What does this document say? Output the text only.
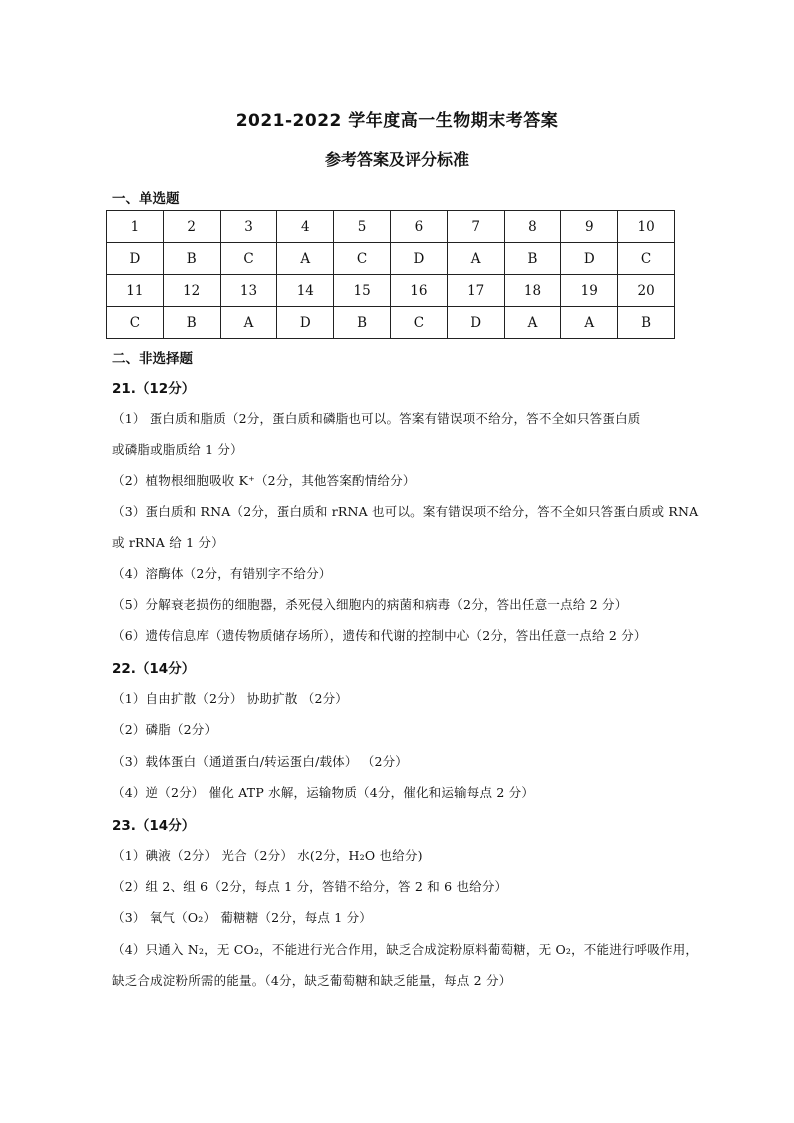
2021-2022 学年度高一生物期末考答案
参考答案及评分标准
一、单选题
1	2	3	4	5	6	7	8	9	10
D	B	C	A	C	D	A	B	D	C
11	12	13	14	15	16	17	18	19	20
C	B	A	D	B	C	D	A	A	B
二、非选择题
21.（12分）
（1） 蛋白质和脂质（2分，蛋白质和磷脂也可以。答案有错误项不给分，答不全如只答蛋白质
或磷脂或脂质给 1 分）
（2）植物根细胞吸收 K⁺（2分，其他答案酌情给分）
（3）蛋白质和 RNA（2分，蛋白质和 rRNA 也可以。案有错误项不给分，答不全如只答蛋白质或 RNA
或 rRNA 给 1 分）
（4）溶酶体（2分，有错别字不给分）
（5）分解衰老损伤的细胞器，杀死侵入细胞内的病菌和病毒（2分，答出任意一点给 2 分）
（6）遗传信息库（遗传物质储存场所），遗传和代谢的控制中心（2分，答出任意一点给 2 分）
22.（14分）
（1）自由扩散（2分） 协助扩散 （2分）
（2）磷脂（2分）
（3）载体蛋白（通道蛋白/转运蛋白/载体） （2分）
（4）逆（2分） 催化 ATP 水解，运输物质（4分，催化和运输每点 2 分）
23.（14分）
（1）碘液（2分） 光合（2分） 水(2分，H₂O 也给分)
（2）组 2、组 6（2分，每点 1 分，答错不给分，答 2 和 6 也给分）
（3） 氧气（O₂） 葡糖糖（2分，每点 1 分）
（4）只通入 N₂，无 CO₂，不能进行光合作用，缺乏合成淀粉原料葡萄糖，无 O₂，不能进行呼吸作用，
缺乏合成淀粉所需的能量。（4分，缺乏葡萄糖和缺乏能量，每点 2 分）
